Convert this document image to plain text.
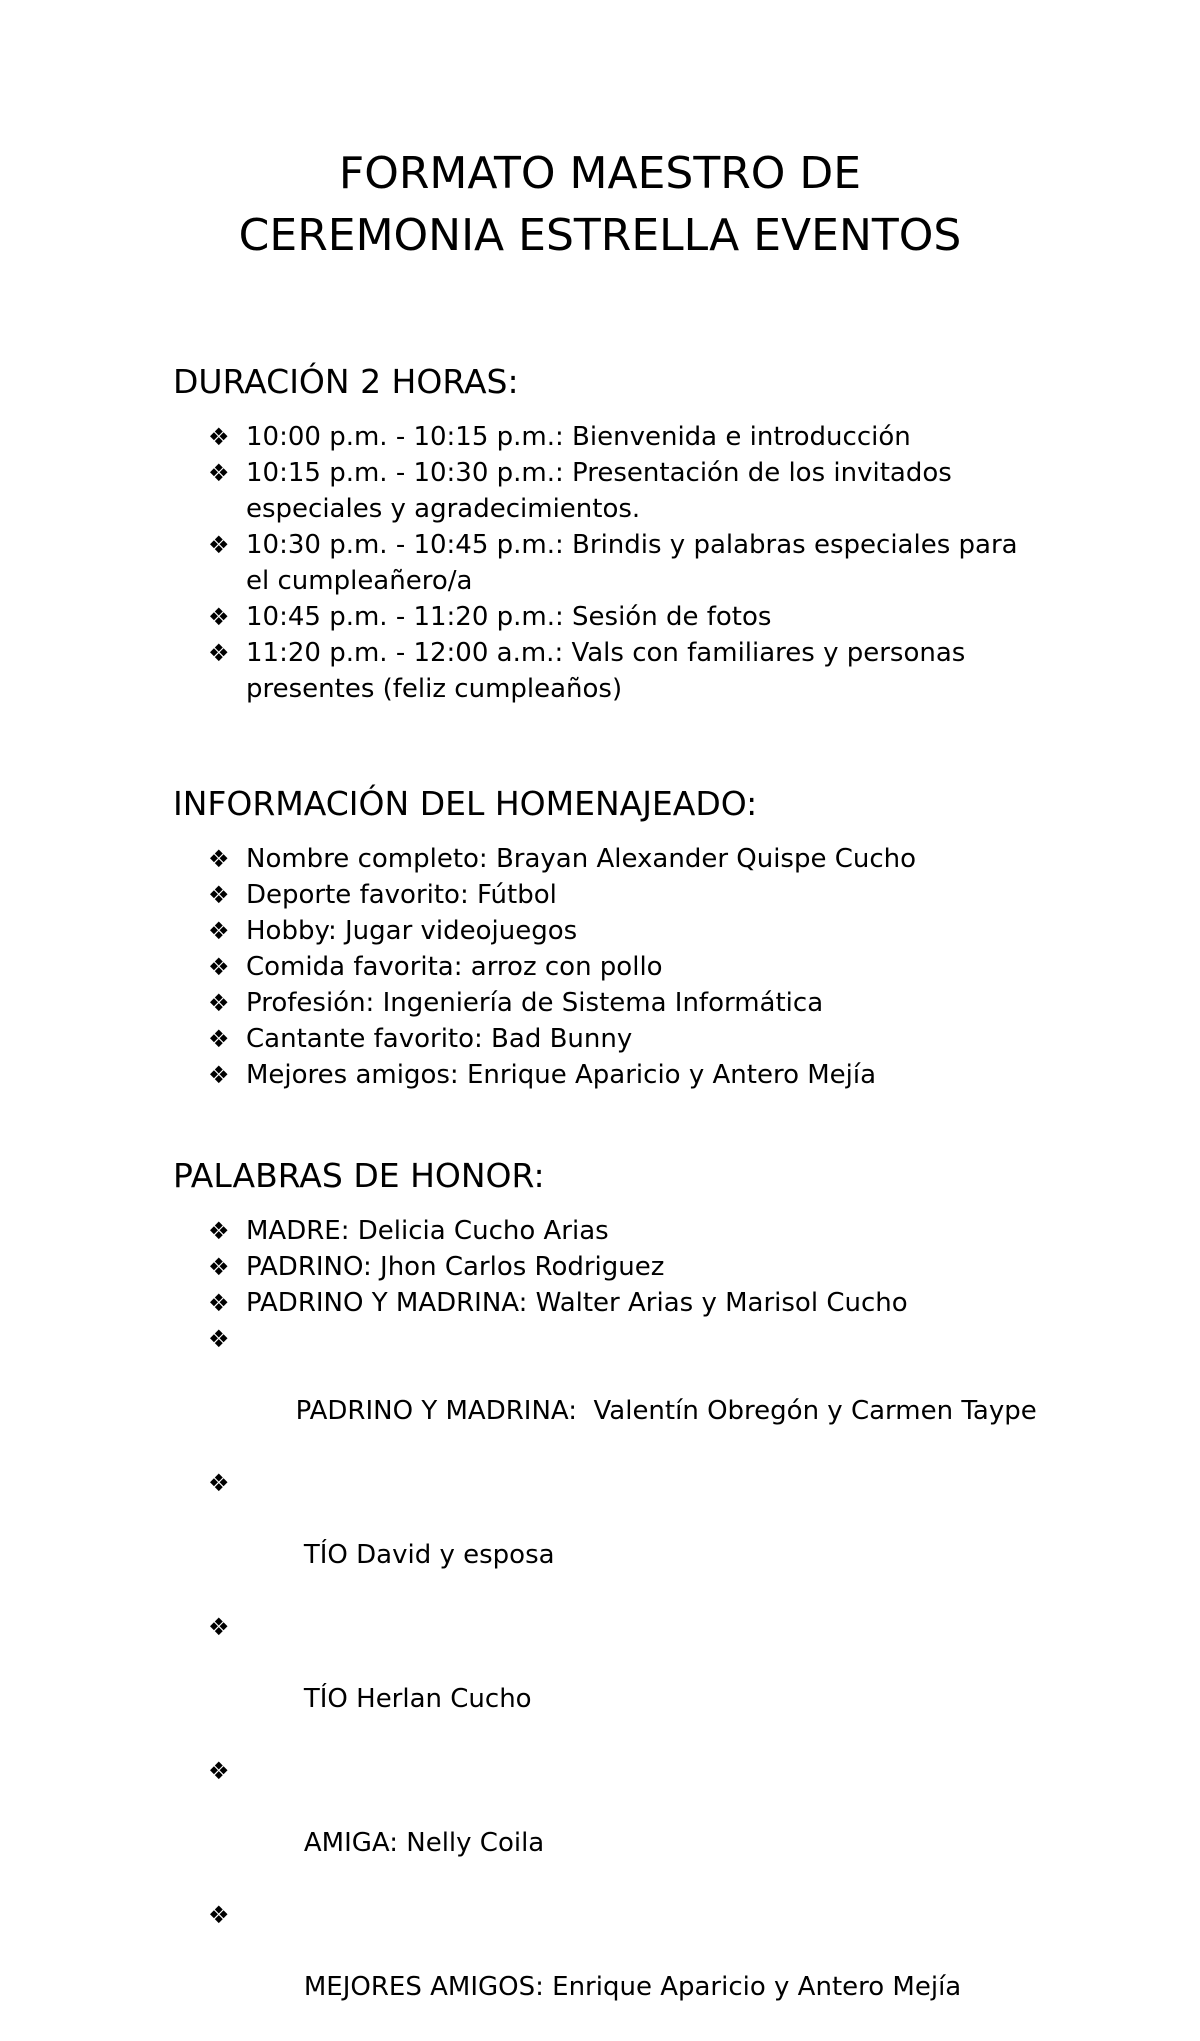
FORMATO MAESTRO DE
CEREMONIA ESTRELLA EVENTOS
DURACIÓN 2 HORAS:
❖ 10:00 p.m. - 10:15 p.m.: Bienvenida e introducción
❖ 10:15 p.m. - 10:30 p.m.: Presentación de los invitados especiales y agradecimientos.
❖ 10:30 p.m. - 10:45 p.m.: Brindis y palabras especiales para el cumpleañero/a
❖ 10:45 p.m. - 11:20 p.m.: Sesión de fotos
❖ 11:20 p.m. - 12:00 a.m.: Vals con familiares y personas presentes (feliz cumpleaños)
INFORMACIÓN DEL HOMENAJEADO:
❖ Nombre completo: Brayan Alexander Quispe Cucho
❖ Deporte favorito: Fútbol
❖ Hobby: Jugar videojuegos
❖ Comida favorita: arroz con pollo
❖ Profesión: Ingeniería de Sistema Informática
❖ Cantante favorito: Bad Bunny
❖ Mejores amigos: Enrique Aparicio y Antero Mejía
PALABRAS DE HONOR:
❖ MADRE: Delicia Cucho Arias
❖ PADRINO: Jhon Carlos Rodriguez
❖ PADRINO Y MADRINA: Walter Arias y Marisol Cucho

❖

PADRINO Y MADRINA:  Valentín Obregón y Carmen Taype

❖

TÍO David y esposa

❖

TÍO Herlan Cucho

❖

AMIGA: Nelly Coila

❖

MEJORES AMIGOS: Enrique Aparicio y Antero Mejía
